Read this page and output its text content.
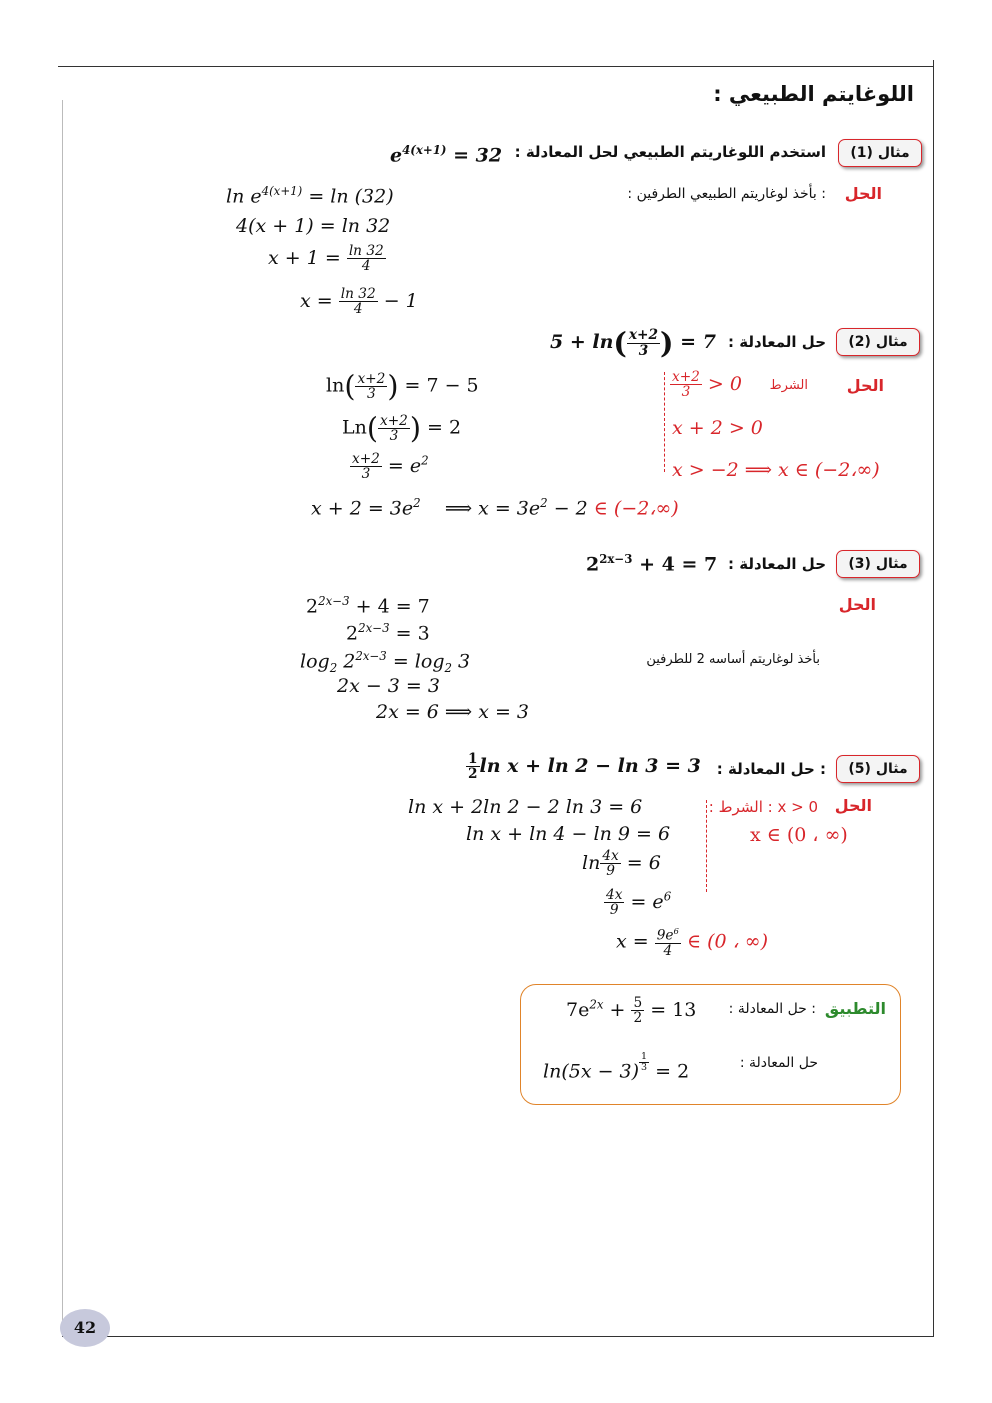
اللوغايتم الطبيعي :
مثال (1)
استخدم اللوغاريتم الطبيعي لحل المعادلة :
$e^{4(x+1)} = 32$
الحل
: بأخذ لوغاريتم الطبيعي الطرفين :
$\ln e^{4(x+1)} = \ln (32)$
4(x + 1) = ln 32
$x + 1 = \frac{\ln 32}{4}$
$x = \frac{\ln 32}{4} - 1$
مثال (2)
حل المعادلة :
$5 + \ln( \frac{x+2}{3}$ ) = 7
الحل
الشرط
$\frac{x+2}{3} > 0$
x + 2 > 0
x > −2 ⟹ x ∈ (−2،∞)
$\ln( \frac{x+2}{3}$ ) = 7 − 5
$Ln( \frac{x+2}{3}$ ) = 2
$\frac{x+2}{3} = e^2$
$x + 2 = 3e^2$ ⟹ $x = 3e^2 - 2$ ∈ (−2،∞)
مثال (3)
حل المعادلة :
$2^{2x-3} + 4 = 7$
الحل
بأخذ لوغاريتم أساسه 2 للطرفين
$2^{2x-3} + 4 = 7$
$2^{2x-3} = 3$
$\log_2 2^{2x-3} = \log_2 3$
2x − 3 = 3
2x = 6 ⟹ x = 3
مثال (5)
: حل المعادلة :
$\frac{1}{2}$ ln x + ln 2 − ln 3 = 3
الحل
x > 0 : الشرط :
x ∈ (0 ، ∞)
ln x + 2ln 2 − 2 ln 3 = 6
ln x + ln 4 − ln 9 = 6
$\ln \frac{4x}{9} = 6$
$\frac{4x}{9} = e^6$
$x = \frac{9e^6}{4}$ ∈ (0 ، ∞)
التطبيق
: حل المعادلة :
$7e^{2x} + \frac{5}{2} = 13$
حل المعادلة :
$\ln(5x - 3) \frac{1}{3} = 2$
42
